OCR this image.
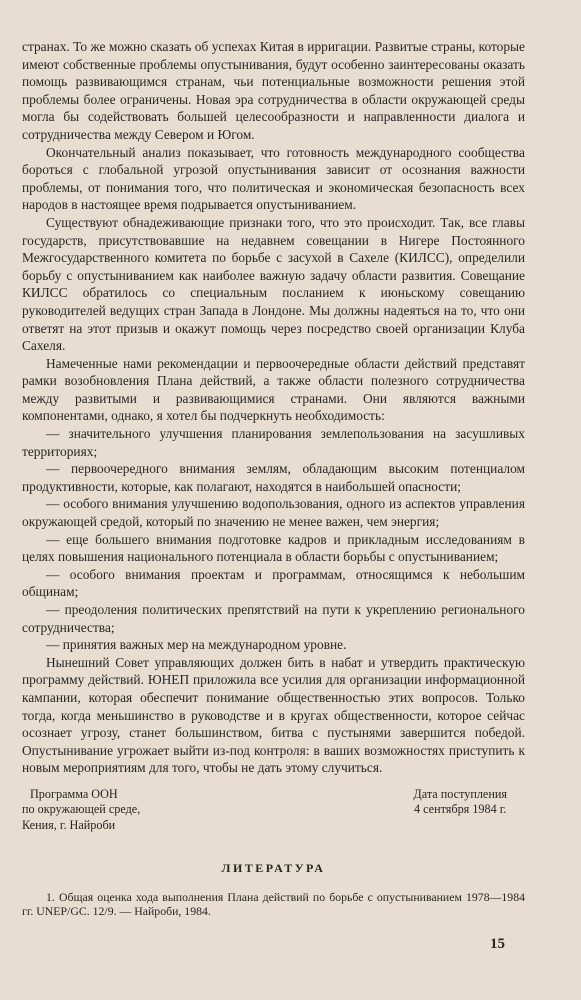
странах. То же можно сказать об успехах Китая в ирригации. Развитые страны, которые имеют собственные проблемы опустынивания, будут особенно заинтересованы оказать помощь развивающимся странам, чьи потенциальные возможности решения этой проблемы более ограничены. Новая эра сотрудничества в области окружающей среды могла бы содействовать большей целесообразности и направленности диалога и сотрудничества между Севером и Югом.

Окончательный анализ показывает, что готовность международного сообщества бороться с глобальной угрозой опустынивания зависит от осознания важности проблемы, от понимания того, что политическая и экономическая безопасность всех народов в настоящее время подрывается опустыниванием.

Существуют обнадеживающие признаки того, что это происходит. Так, все главы государств, присутствовавшие на недавнем совещании в Нигере Постоянного Межгосударственного комитета по борьбе с засухой в Сахеле (КИЛСС), определили борьбу с опустыниванием как наиболее важную задачу области развития. Совещание КИЛСС обратилось со специальным посланием к июньскому совещанию руководителей ведущих стран Запада в Лондоне. Мы должны надеяться на то, что они ответят на этот призыв и окажут помощь через посредство своей организации Клуба Сахеля.

Намеченные нами рекомендации и первоочередные области действий представят рамки возобновления Плана действий, а также области полезного сотрудничества между развитыми и развивающимися странами. Они являются важными компонентами, однако, я хотел бы подчеркнуть необходимость:

— значительного улучшения планирования землепользования на засушливых территориях;

— первоочередного внимания землям, обладающим высоким потенциалом продуктивности, которые, как полагают, находятся в наибольшей опасности;

— особого внимания улучшению водопользования, одного из аспектов управления окружающей средой, который по значению не менее важен, чем энергия;

— еще большего внимания подготовке кадров и прикладным исследованиям в целях повышения национального потенциала в области борьбы с опустыниванием;

— особого внимания проектам и программам, относящимся к небольшим общинам;

— преодоления политических препятствий на пути к укреплению регионального сотрудничества;

— принятия важных мер на международном уровне.

Нынешний Совет управляющих должен бить в набат и утвердить практическую программу действий. ЮНЕП приложила все усилия для организации информационной кампании, которая обеспечит понимание общественностью этих вопросов. Только тогда, когда меньшинство в руководстве и в кругах общественности, которое сейчас осознает угрозу, станет большинством, битва с пустынями завершится победой. Опустынивание угрожает выйти из-под контроля: в ваших возможностях приступить к новым мероприятиям для того, чтобы не дать этому случиться.

Программа ООН
по окружающей среде,
Кения, г. Найроби
Дата поступления
4 сентября 1984 г.
ЛИТЕРАТУРА
1. Общая оценка хода выполнения Плана действий по борьбе с опустыниванием 1978—1984 гг. UNEP/GC. 12/9. — Найроби, 1984.
15
